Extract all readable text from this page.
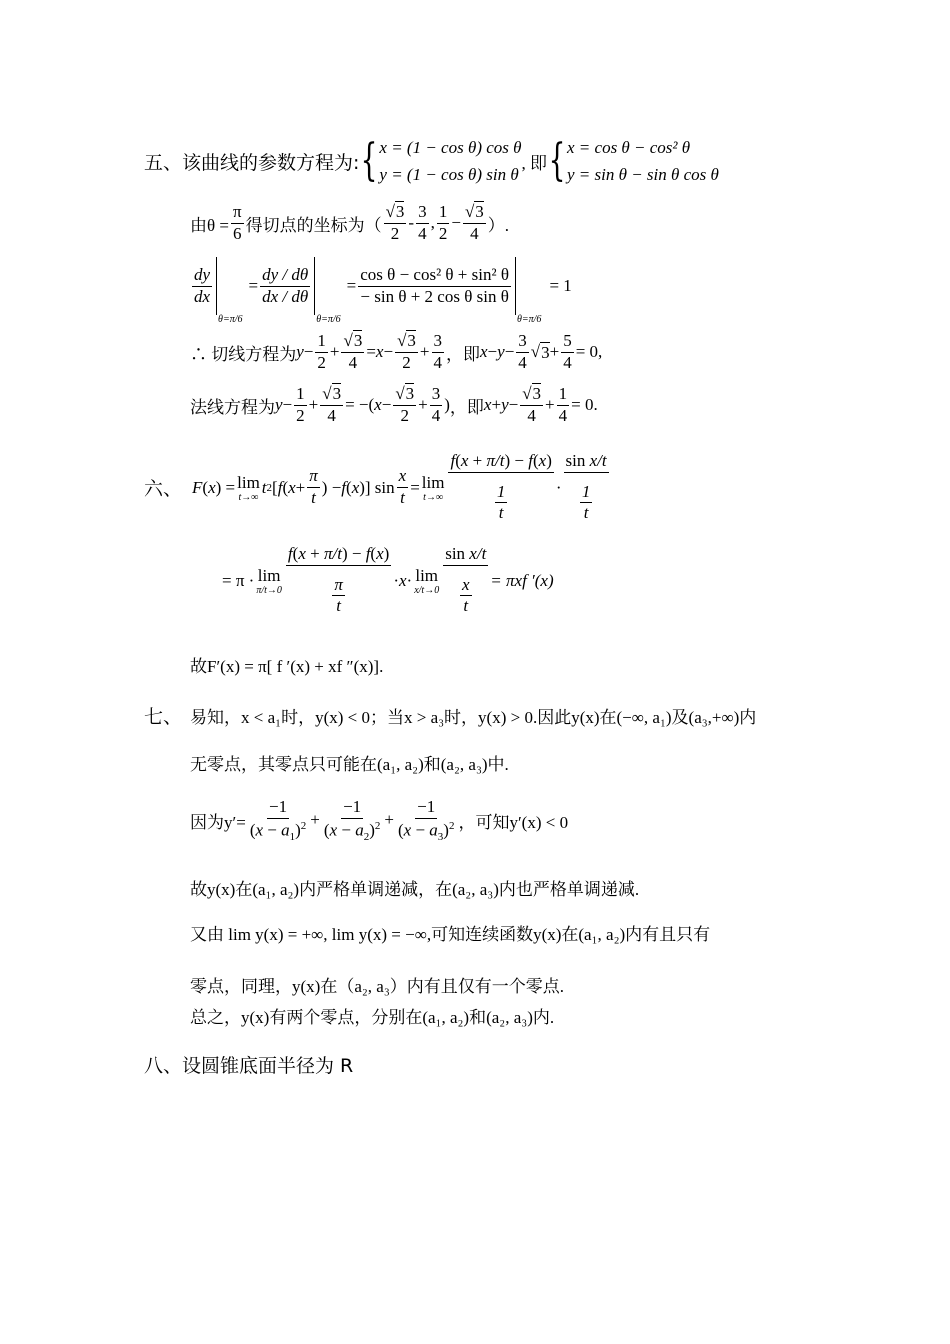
五、该曲线的参数方程为: { x = (1 − cos θ) cos θ
y = (1 − cos θ) sin θ
, 即 { x = cos θ − cos² θ
y = sin θ − sin θ cos θ
由$\theta = \frac{\pi}{6}$ 得切点的坐标为（ $\frac{√3}{2} - \frac{3}{4}$ , $\frac{1}{2} - \frac{√3}{4}$ ）.
$\frac{dy}{dx}$
θ=π/6
= $\frac{dy / d\theta}{dx / d\theta}$
θ=π/6
= $\frac{\text{cos θ − cos² θ + sin² θ}}{\text{− sin θ + 2 cos θ sin θ}}$
θ=π/6
= 1
∴ 切线方程为 $y - \frac{1}{2} + \frac{√3}{4} = x - \frac{√3}{2} + \frac{3}{4}$ ，即 $x - y - \frac{3}{4}$ √ $3 + \frac{5}{4} = 0$,
法线方程为 $y - \frac{1}{2} + \frac{√3}{4}$ = −( $x - \frac{√3}{2} + \frac{3}{4}$ ) ，即 $x + y - \frac{√3}{4} + \frac{1}{4} = 0$.
六、 F ( x ) = lim
t→∞
t 2 [ f ( $x + \frac{\pi}{t}$ ) − f ( x )] $\sin \frac{x}{t} = \lim$
$t\to\infty \frac{f(x + \pi/t) - f(x)}{\frac{1}{t}} \cdot \frac{\text{sin x/t}}{\frac{1}{t}}$
= π · lim
$\pi/t\to 0 \frac{f(x + \pi/t) - f(x)}{\frac{\pi}{t}} \cdot x \cdot \lim$
$x/t\to 0 \frac{\text{sin x/t}}{\frac{x}{t}} = \pi xf$ ′(x)
故F′(x) = π[ f ′(x) + xf ″(x)].
七、 易知，x < a₁时，y(x) < 0；当x > a₃时，y(x) > 0.因此y(x)在(−∞, a₁)及(a₃,+∞)内
无零点，其零点只可能在(a₁, a₂)和(a₂, a₃)中.
因为$y'= \frac{-1}{(x - a_1)^2} + \frac{-1}{(x - a_2)^2} + \frac{-1}{(x - a_3)^2}$ ，可知y′(x) < 0
故y(x)在(a₁, a₂)内严格单调递减，在(a₂, a₃)内也严格单调递减.
又由 lim y(x) = +∞, lim y(x) = −∞,可知连续函数y(x)在(a₁, a₂)内有且只有
零点，同理，y(x)在（a₂, a₃）内有且仅有一个零点.
总之，y(x)有两个零点，分别在(a₁, a₂)和(a₂, a₃)内.
八、设圆锥底面半径为 R
